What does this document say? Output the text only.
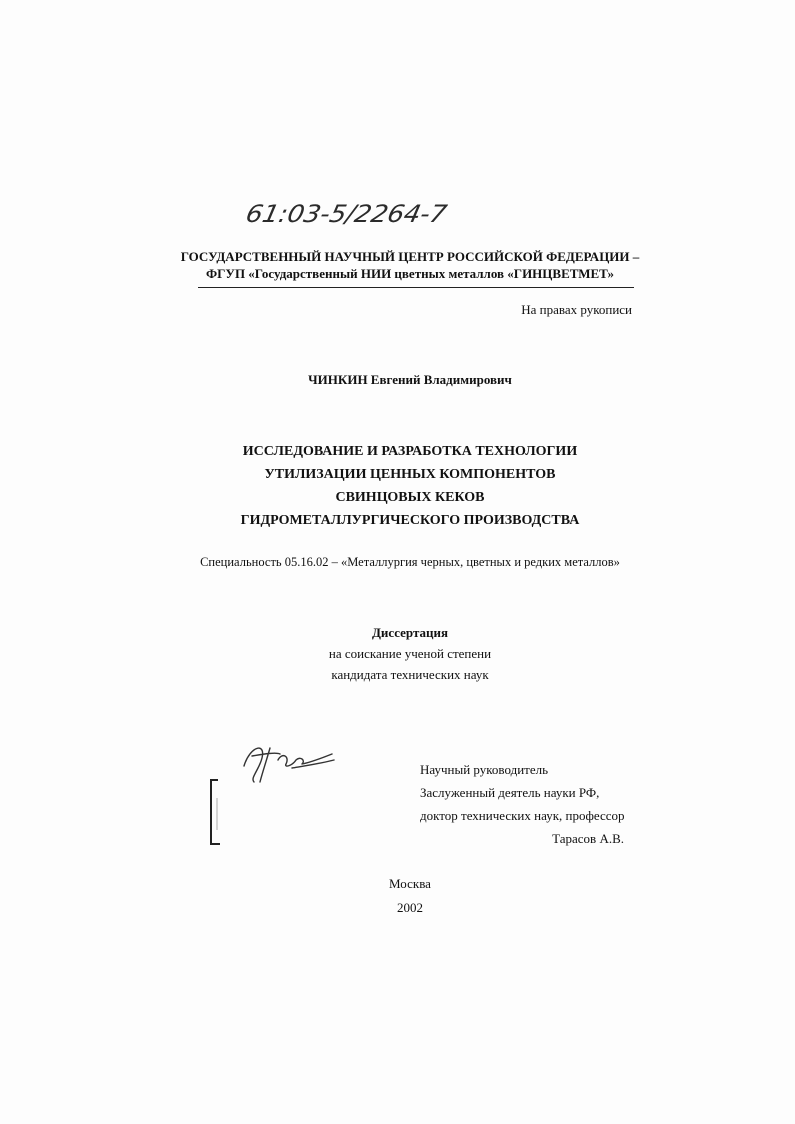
61:03-5/2264-7
ГОСУДАРСТВЕННЫЙ НАУЧНЫЙ ЦЕНТР РОССИЙСКОЙ ФЕДЕРАЦИИ –
ФГУП «Государственный НИИ цветных металлов «ГИНЦВЕТМЕТ»
На правах рукописи
ЧИНКИН Евгений Владимирович
ИССЛЕДОВАНИЕ И РАЗРАБОТКА ТЕХНОЛОГИИ
УТИЛИЗАЦИИ ЦЕННЫХ КОМПОНЕНТОВ
СВИНЦОВЫХ КЕКОВ
ГИДРОМЕТАЛЛУРГИЧЕСКОГО ПРОИЗВОДСТВА
Специальность 05.16.02 – «Металлургия черных, цветных и редких металлов»
Диссертация
на соискание ученой степени
кандидата технических наук
Научный руководитель
Заслуженный деятель науки РФ,
доктор технических наук, профессор
Тарасов А.В.
Москва
2002
